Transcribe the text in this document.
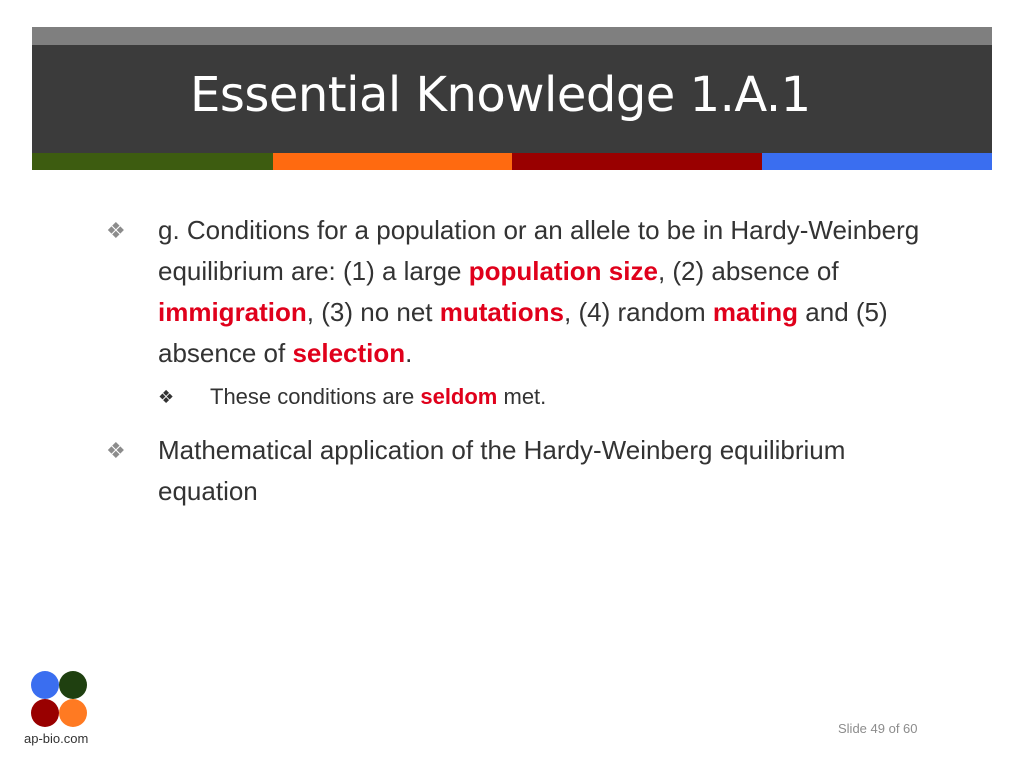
Essential Knowledge 1.A.1
❖ g. Conditions for a population or an allele to be in Hardy-Weinberg equilibrium are: (1) a large population size, (2) absence of immigration, (3) no net mutations, (4) random mating and (5) absence of selection.
❖ These conditions are seldom met.
❖ Mathematical application of the Hardy-Weinberg equilibrium equation
ap-bio.com
Slide 49 of 60
